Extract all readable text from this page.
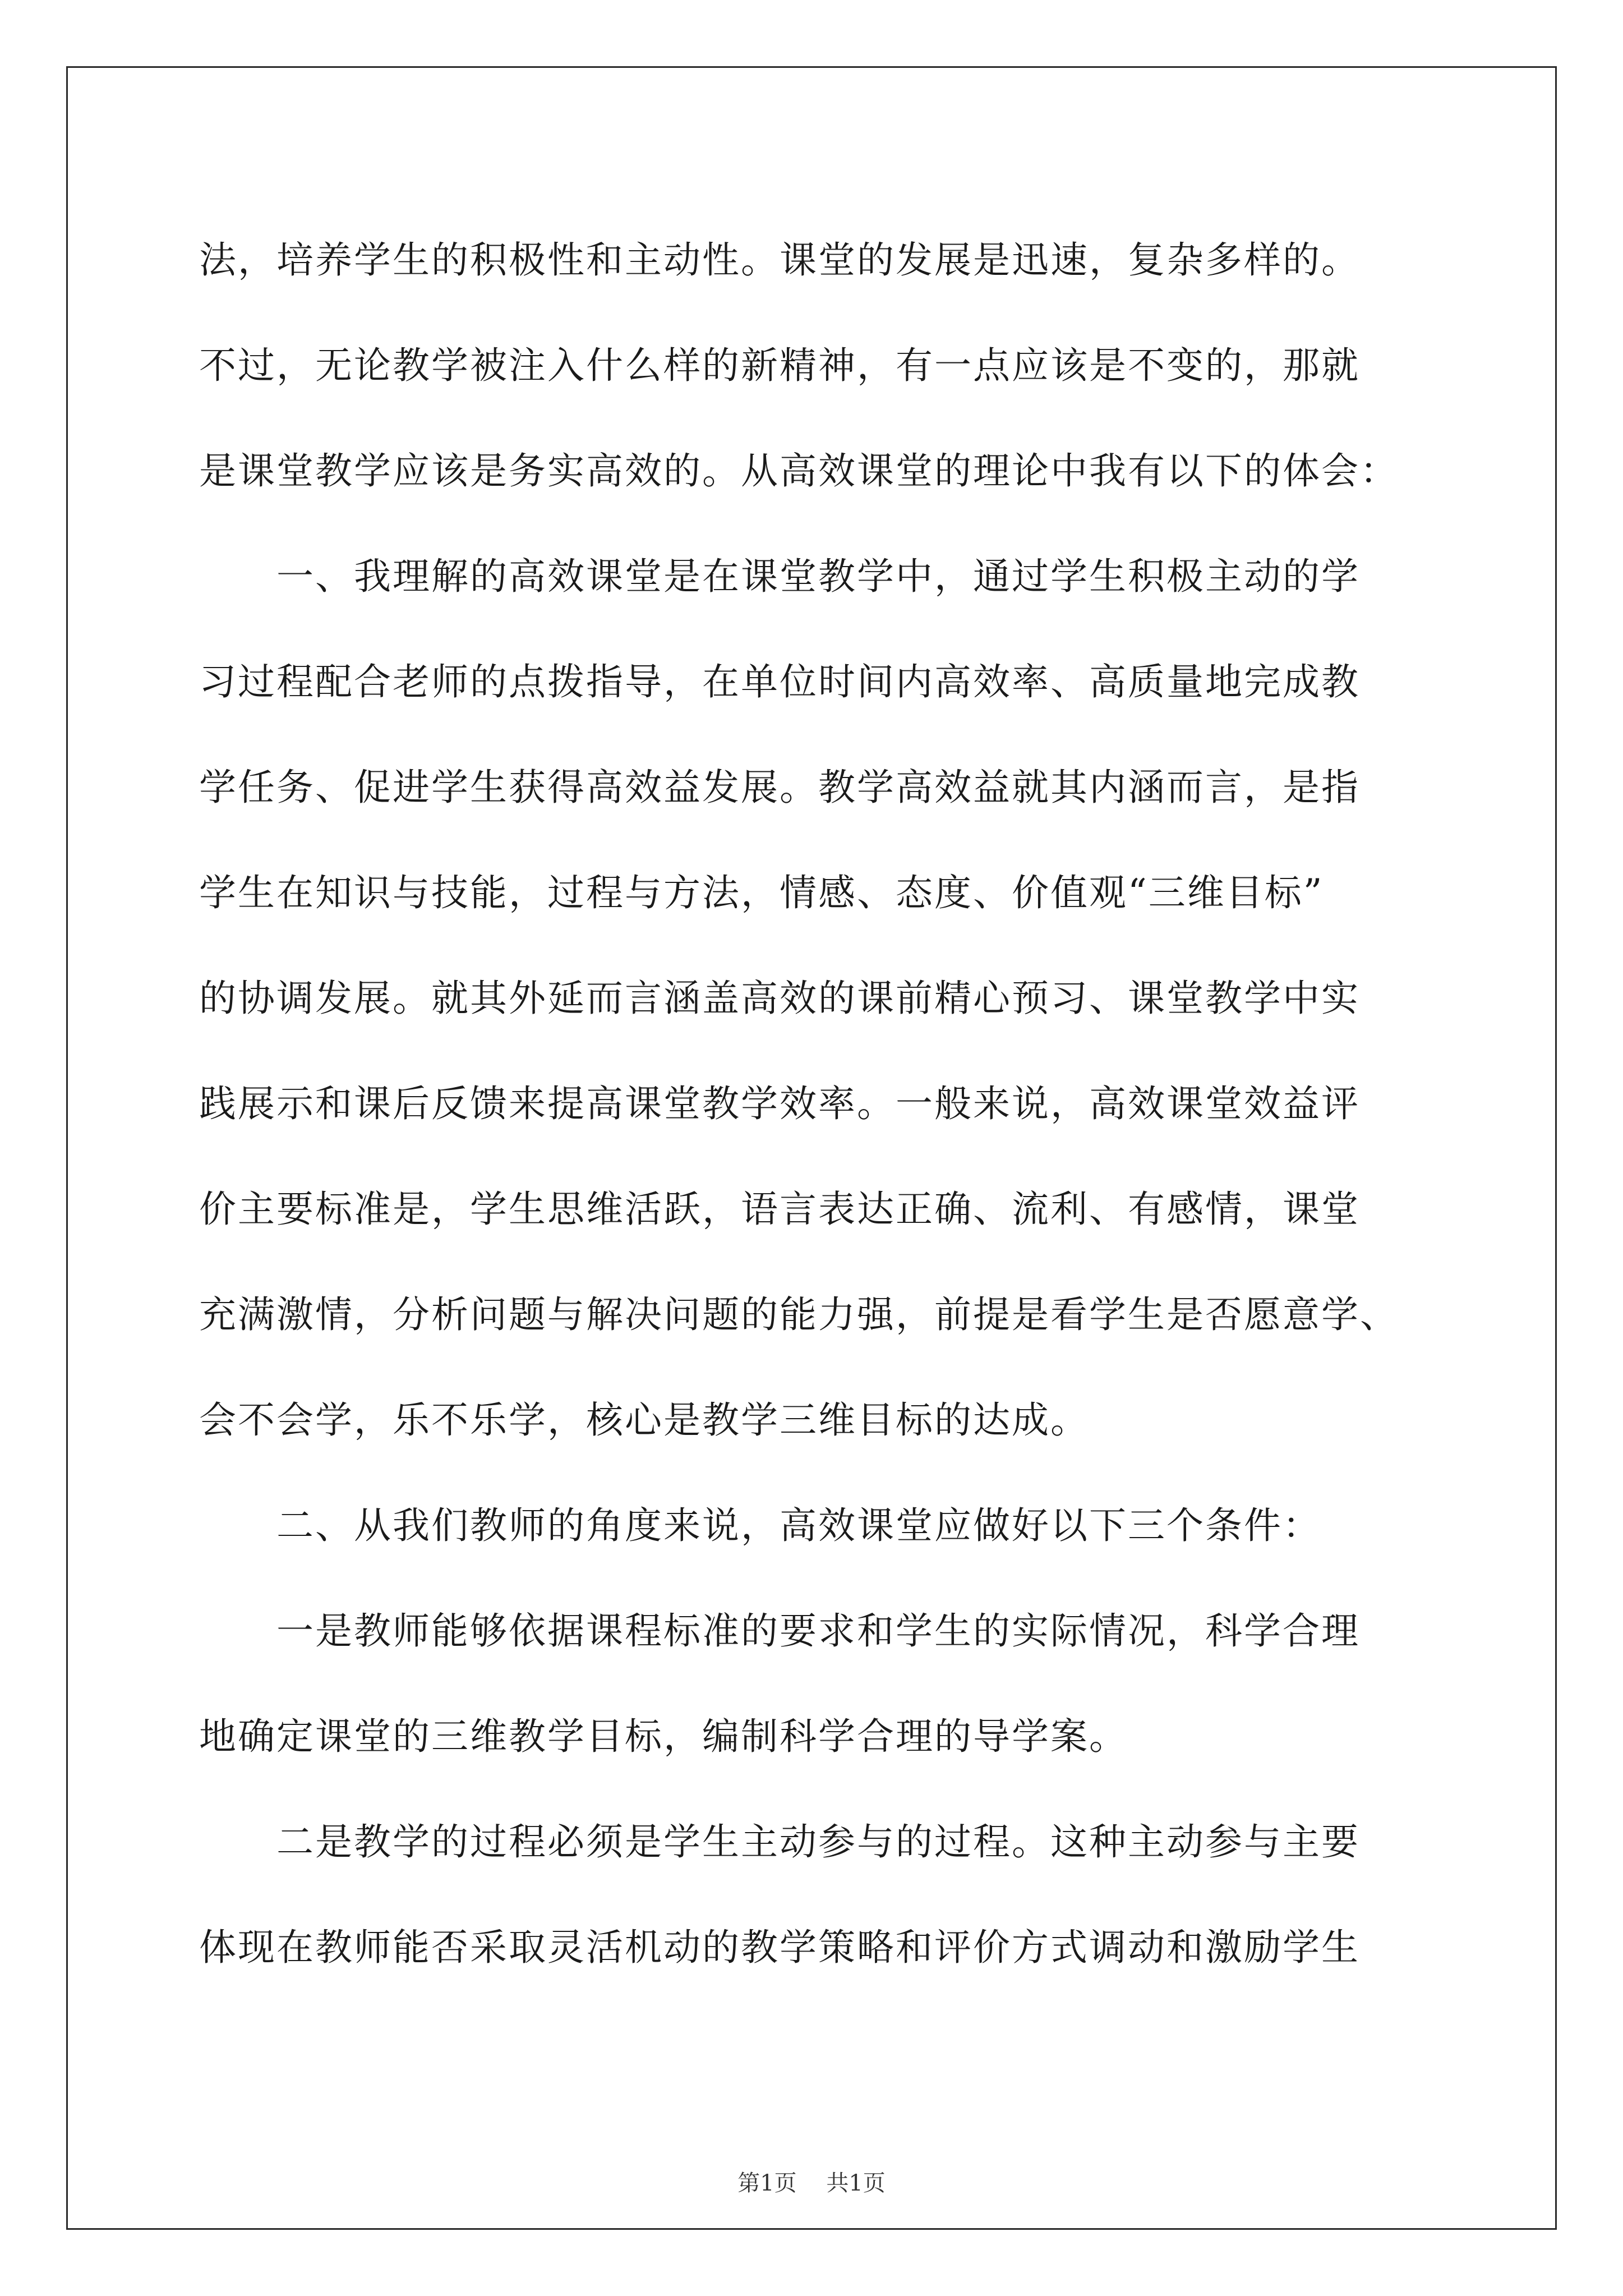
法，培养学生的积极性和主动性。课堂的发展是迅速，复杂多样的。
不过，无论教学被注入什么样的新精神，有一点应该是不变的，那就
是课堂教学应该是务实高效的。从高效课堂的理论中我有以下的体会：
　　一、我理解的高效课堂是在课堂教学中，通过学生积极主动的学
习过程配合老师的点拨指导，在单位时间内高效率、高质量地完成教
学任务、促进学生获得高效益发展。教学高效益就其内涵而言，是指
学生在知识与技能，过程与方法，情感、态度、价值观“三维目标”
的协调发展。就其外延而言涵盖高效的课前精心预习、课堂教学中实
践展示和课后反馈来提高课堂教学效率。一般来说，高效课堂效益评
价主要标准是，学生思维活跃，语言表达正确、流利、有感情，课堂
充满激情，分析问题与解决问题的能力强，前提是看学生是否愿意学、
会不会学，乐不乐学，核心是教学三维目标的达成。
　　二、从我们教师的角度来说，高效课堂应做好以下三个条件：
　　一是教师能够依据课程标准的要求和学生的实际情况，科学合理
地确定课堂的三维教学目标，编制科学合理的导学案。
　　二是教学的过程必须是学生主动参与的过程。这种主动参与主要
体现在教师能否采取灵活机动的教学策略和评价方式调动和激励学生
第1页 共1页
